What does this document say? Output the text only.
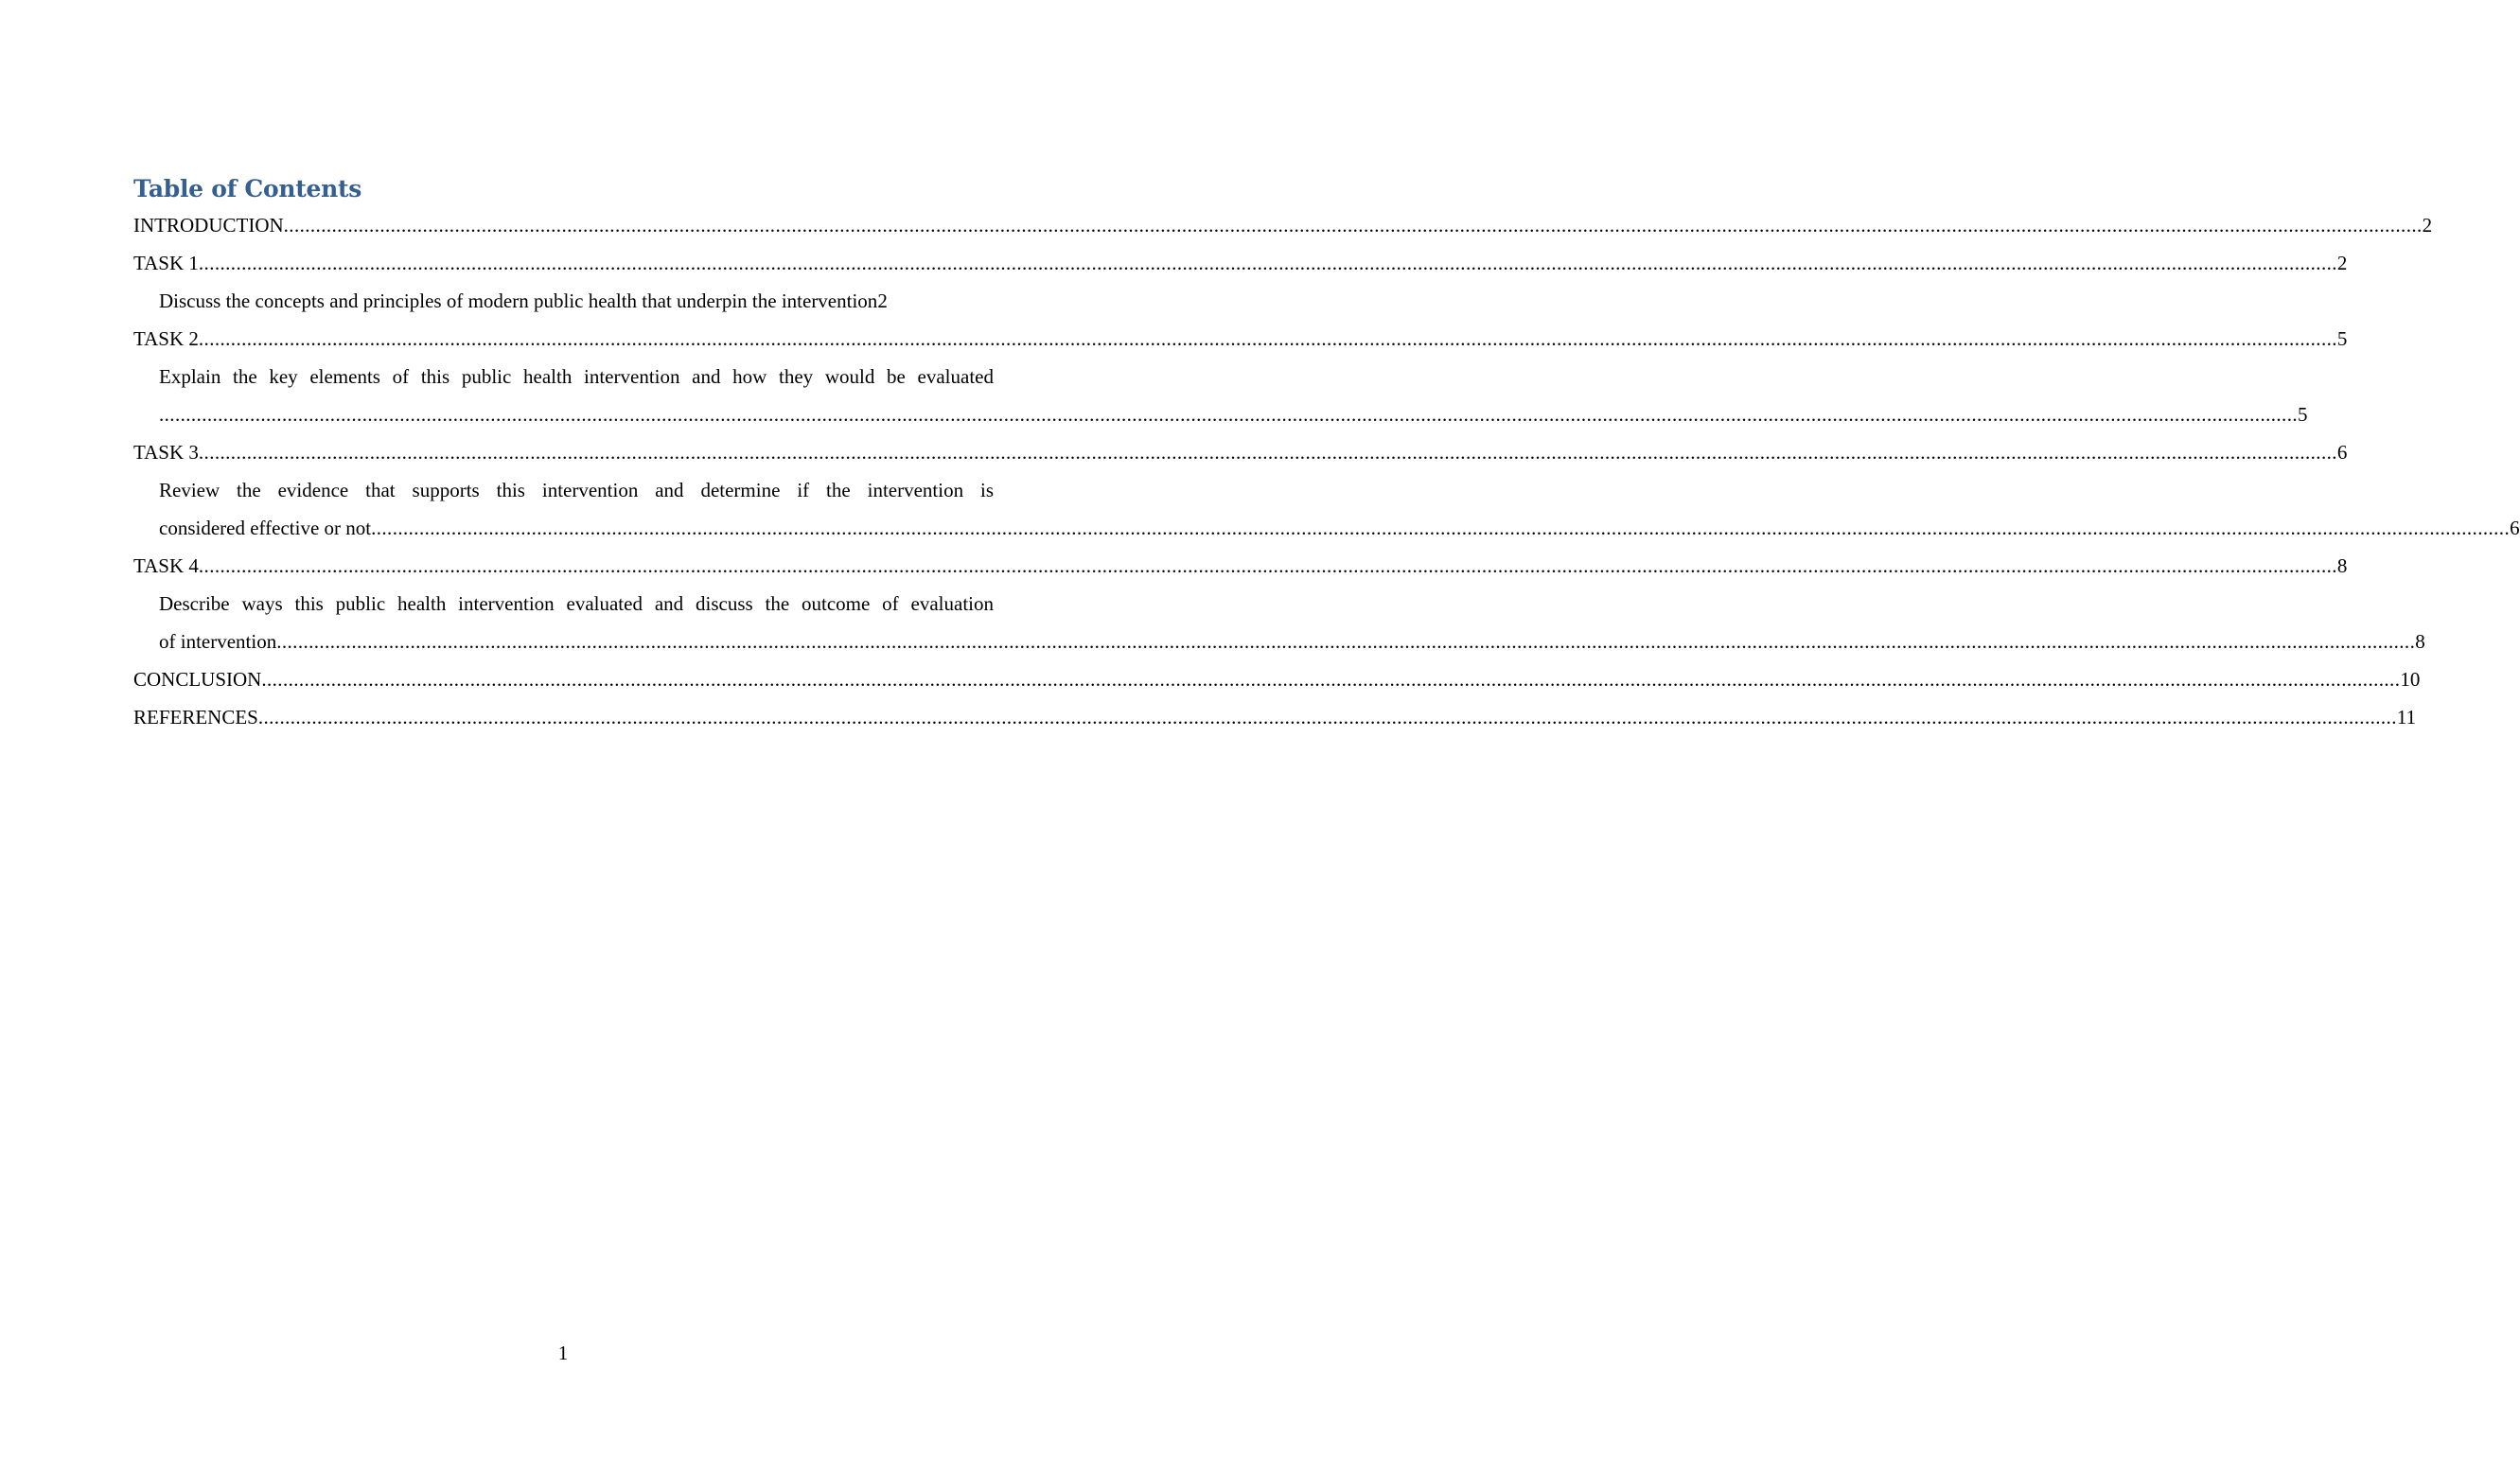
Table of Contents
INTRODUCTION ................................................................................................................................................................................................................................................................................................................................................................................................................ 2
TASK 1 ................................................................................................................................................................................................................................................................................................................................................................................................................ 2
Discuss the concepts and principles of modern public health that underpin the intervention 2
TASK 2 ................................................................................................................................................................................................................................................................................................................................................................................................................ 5
Explain the key elements of this public health intervention and how they would be evaluated
................................................................................................................................................................................................................................................................................................................................................................................................................ 5
TASK 3 ................................................................................................................................................................................................................................................................................................................................................................................................................ 6
Review the evidence that supports this intervention and determine if the intervention is
considered effective or not ................................................................................................................................................................................................................................................................................................................................................................................................................ 6
TASK 4 ................................................................................................................................................................................................................................................................................................................................................................................................................ 8
Describe ways this public health intervention evaluated and discuss the outcome of evaluation
of intervention ................................................................................................................................................................................................................................................................................................................................................................................................................ 8
CONCLUSION ................................................................................................................................................................................................................................................................................................................................................................................................................ 10
REFERENCES ................................................................................................................................................................................................................................................................................................................................................................................................................ 11
1
